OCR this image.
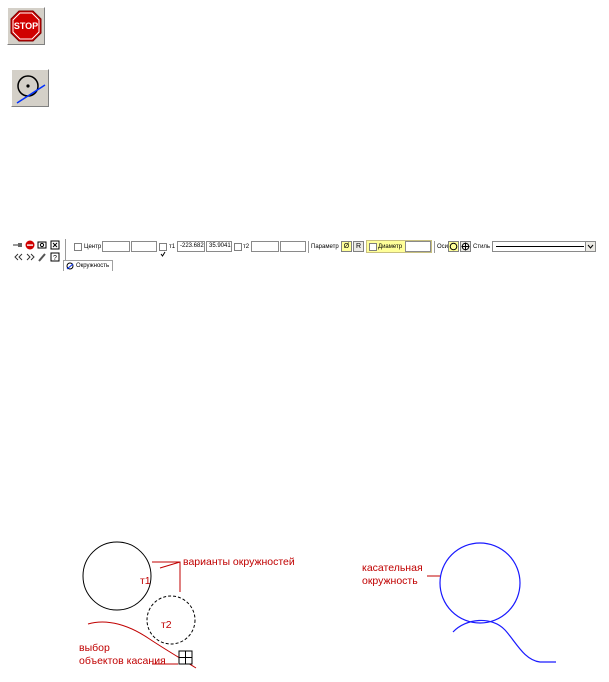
STOP
?
Центр	т1 -223.682 35.9041 т2	Параметр Ø R	Диаметр	Оси	Стиль
Окружность
варианты окружностей
т1
т2
выбор
объектов касания
касательная
окружность
